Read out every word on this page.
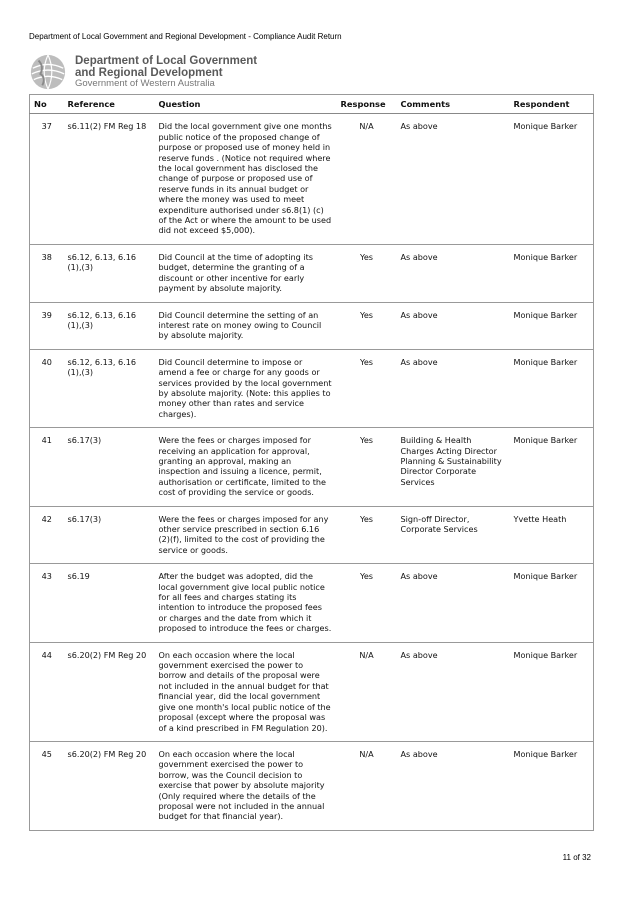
Department of Local Government and Regional Development - Compliance Audit Return
Department of Local Government
and Regional Development
Government of Western Australia
No	Reference	Question	Response	Comments	Respondent
37	s6.11(2) FM Reg 18	Did the local government give one months public notice of the proposed change of purpose or proposed use of money held in reserve funds . (Notice not required where the local government has disclosed the change of purpose or proposed use of reserve funds in its annual budget or where the money was used to meet expenditure authorised under s6.8(1) (c) of the Act or where the amount to be used did not exceed $5,000).	N/A	As above	Monique Barker
38	s6.12, 6.13, 6.16 (1),(3)	Did Council at the time of adopting its budget, determine the granting of a discount or other incentive for early payment by absolute majority.	Yes	As above	Monique Barker
39	s6.12, 6.13, 6.16 (1),(3)	Did Council determine the setting of an interest rate on money owing to Council by absolute majority.	Yes	As above	Monique Barker
40	s6.12, 6.13, 6.16 (1),(3)	Did Council determine to impose or amend a fee or charge for any goods or services provided by the local government by absolute majority. (Note: this applies to money other than rates and service charges).	Yes	As above	Monique Barker
41	s6.17(3)	Were the fees or charges imposed for receiving an application for approval, granting an approval, making an inspection and issuing a licence, permit, authorisation or certificate, limited to the cost of providing the service or goods.	Yes	Building & Health Charges Acting Director Planning & Sustainability Director Corporate Services	Monique Barker
42	s6.17(3)	Were the fees or charges imposed for any other service prescribed in section 6.16 (2)(f), limited to the cost of providing the service or goods.	Yes	Sign-off Director, Corporate Services	Yvette Heath
43	s6.19	After the budget was adopted, did the local government give local public notice for all fees and charges stating its intention to introduce the proposed fees or charges and the date from which it proposed to introduce the fees or charges.	Yes	As above	Monique Barker
44	s6.20(2) FM Reg 20	On each occasion where the local government exercised the power to borrow and details of the proposal were not included in the annual budget for that financial year, did the local government give one month's local public notice of the proposal (except where the proposal was of a kind prescribed in FM Regulation 20).	N/A	As above	Monique Barker
45	s6.20(2) FM Reg 20	On each occasion where the local government exercised the power to borrow, was the Council decision to exercise that power by absolute majority (Only required where the details of the proposal were not included in the annual budget for that financial year).	N/A	As above	Monique Barker
11 of 32
